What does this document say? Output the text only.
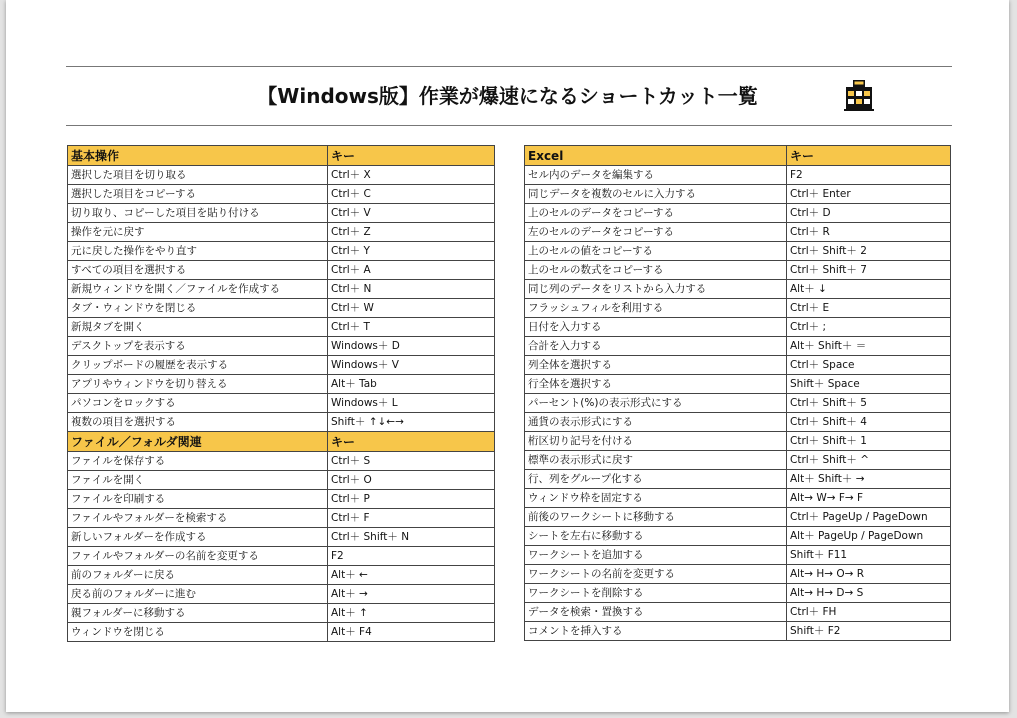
【Windows版】作業が爆速になるショートカット一覧
基本操作	キー
選択した項目を切り取る	Ctrl＋ X
選択した項目をコピーする	Ctrl＋ C
切り取り、コピーした項目を貼り付ける	Ctrl＋ V
操作を元に戻す	Ctrl＋ Z
元に戻した操作をやり直す	Ctrl＋ Y
すべての項目を選択する	Ctrl＋ A
新規ウィンドウを開く／ファイルを作成する	Ctrl＋ N
タブ・ウィンドウを閉じる	Ctrl＋ W
新規タブを開く	Ctrl＋ T
デスクトップを表示する	Windows＋ D
クリップボードの履歴を表示する	Windows＋ V
アプリやウィンドウを切り替える	Alt＋ Tab
パソコンをロックする	Windows＋ L
複数の項目を選択する	Shift＋ ↑↓←→
ファイル／フォルダ関連	キー
ファイルを保存する	Ctrl＋ S
ファイルを開く	Ctrl＋ O
ファイルを印刷する	Ctrl＋ P
ファイルやフォルダーを検索する	Ctrl＋ F
新しいフォルダーを作成する	Ctrl＋ Shift＋ N
ファイルやフォルダーの名前を変更する	F2
前のフォルダーに戻る	Alt＋ ←
戻る前のフォルダーに進む	Alt＋ →
親フォルダーに移動する	Alt＋ ↑
ウィンドウを閉じる	Alt＋ F4
Excel	キー
セル内のデータを編集する	F2
同じデータを複数のセルに入力する	Ctrl＋ Enter
上のセルのデータをコピーする	Ctrl＋ D
左のセルのデータをコピーする	Ctrl＋ R
上のセルの値をコピーする	Ctrl＋ Shift＋ 2
上のセルの数式をコピーする	Ctrl＋ Shift＋ 7
同じ列のデータをリストから入力する	Alt＋ ↓
フラッシュフィルを利用する	Ctrl＋ E
日付を入力する	Ctrl＋ ;
合計を入力する	Alt＋ Shift＋ ＝
列全体を選択する	Ctrl＋ Space
行全体を選択する	Shift＋ Space
パーセント(%)の表示形式にする	Ctrl＋ Shift＋ 5
通貨の表示形式にする	Ctrl＋ Shift＋ 4
桁区切り記号を付ける	Ctrl＋ Shift＋ 1
標準の表示形式に戻す	Ctrl＋ Shift＋ ^
行、列をグループ化する	Alt＋ Shift＋ →
ウィンドウ枠を固定する	Alt→ W→ F→ F
前後のワークシートに移動する	Ctrl＋ PageUp / PageDown
シートを左右に移動する	Alt＋ PageUp / PageDown
ワークシートを追加する	Shift＋ F11
ワークシートの名前を変更する	Alt→ H→ O→ R
ワークシートを削除する	Alt→ H→ D→ S
データを検索・置換する	Ctrl＋ FH
コメントを挿入する	Shift＋ F2
